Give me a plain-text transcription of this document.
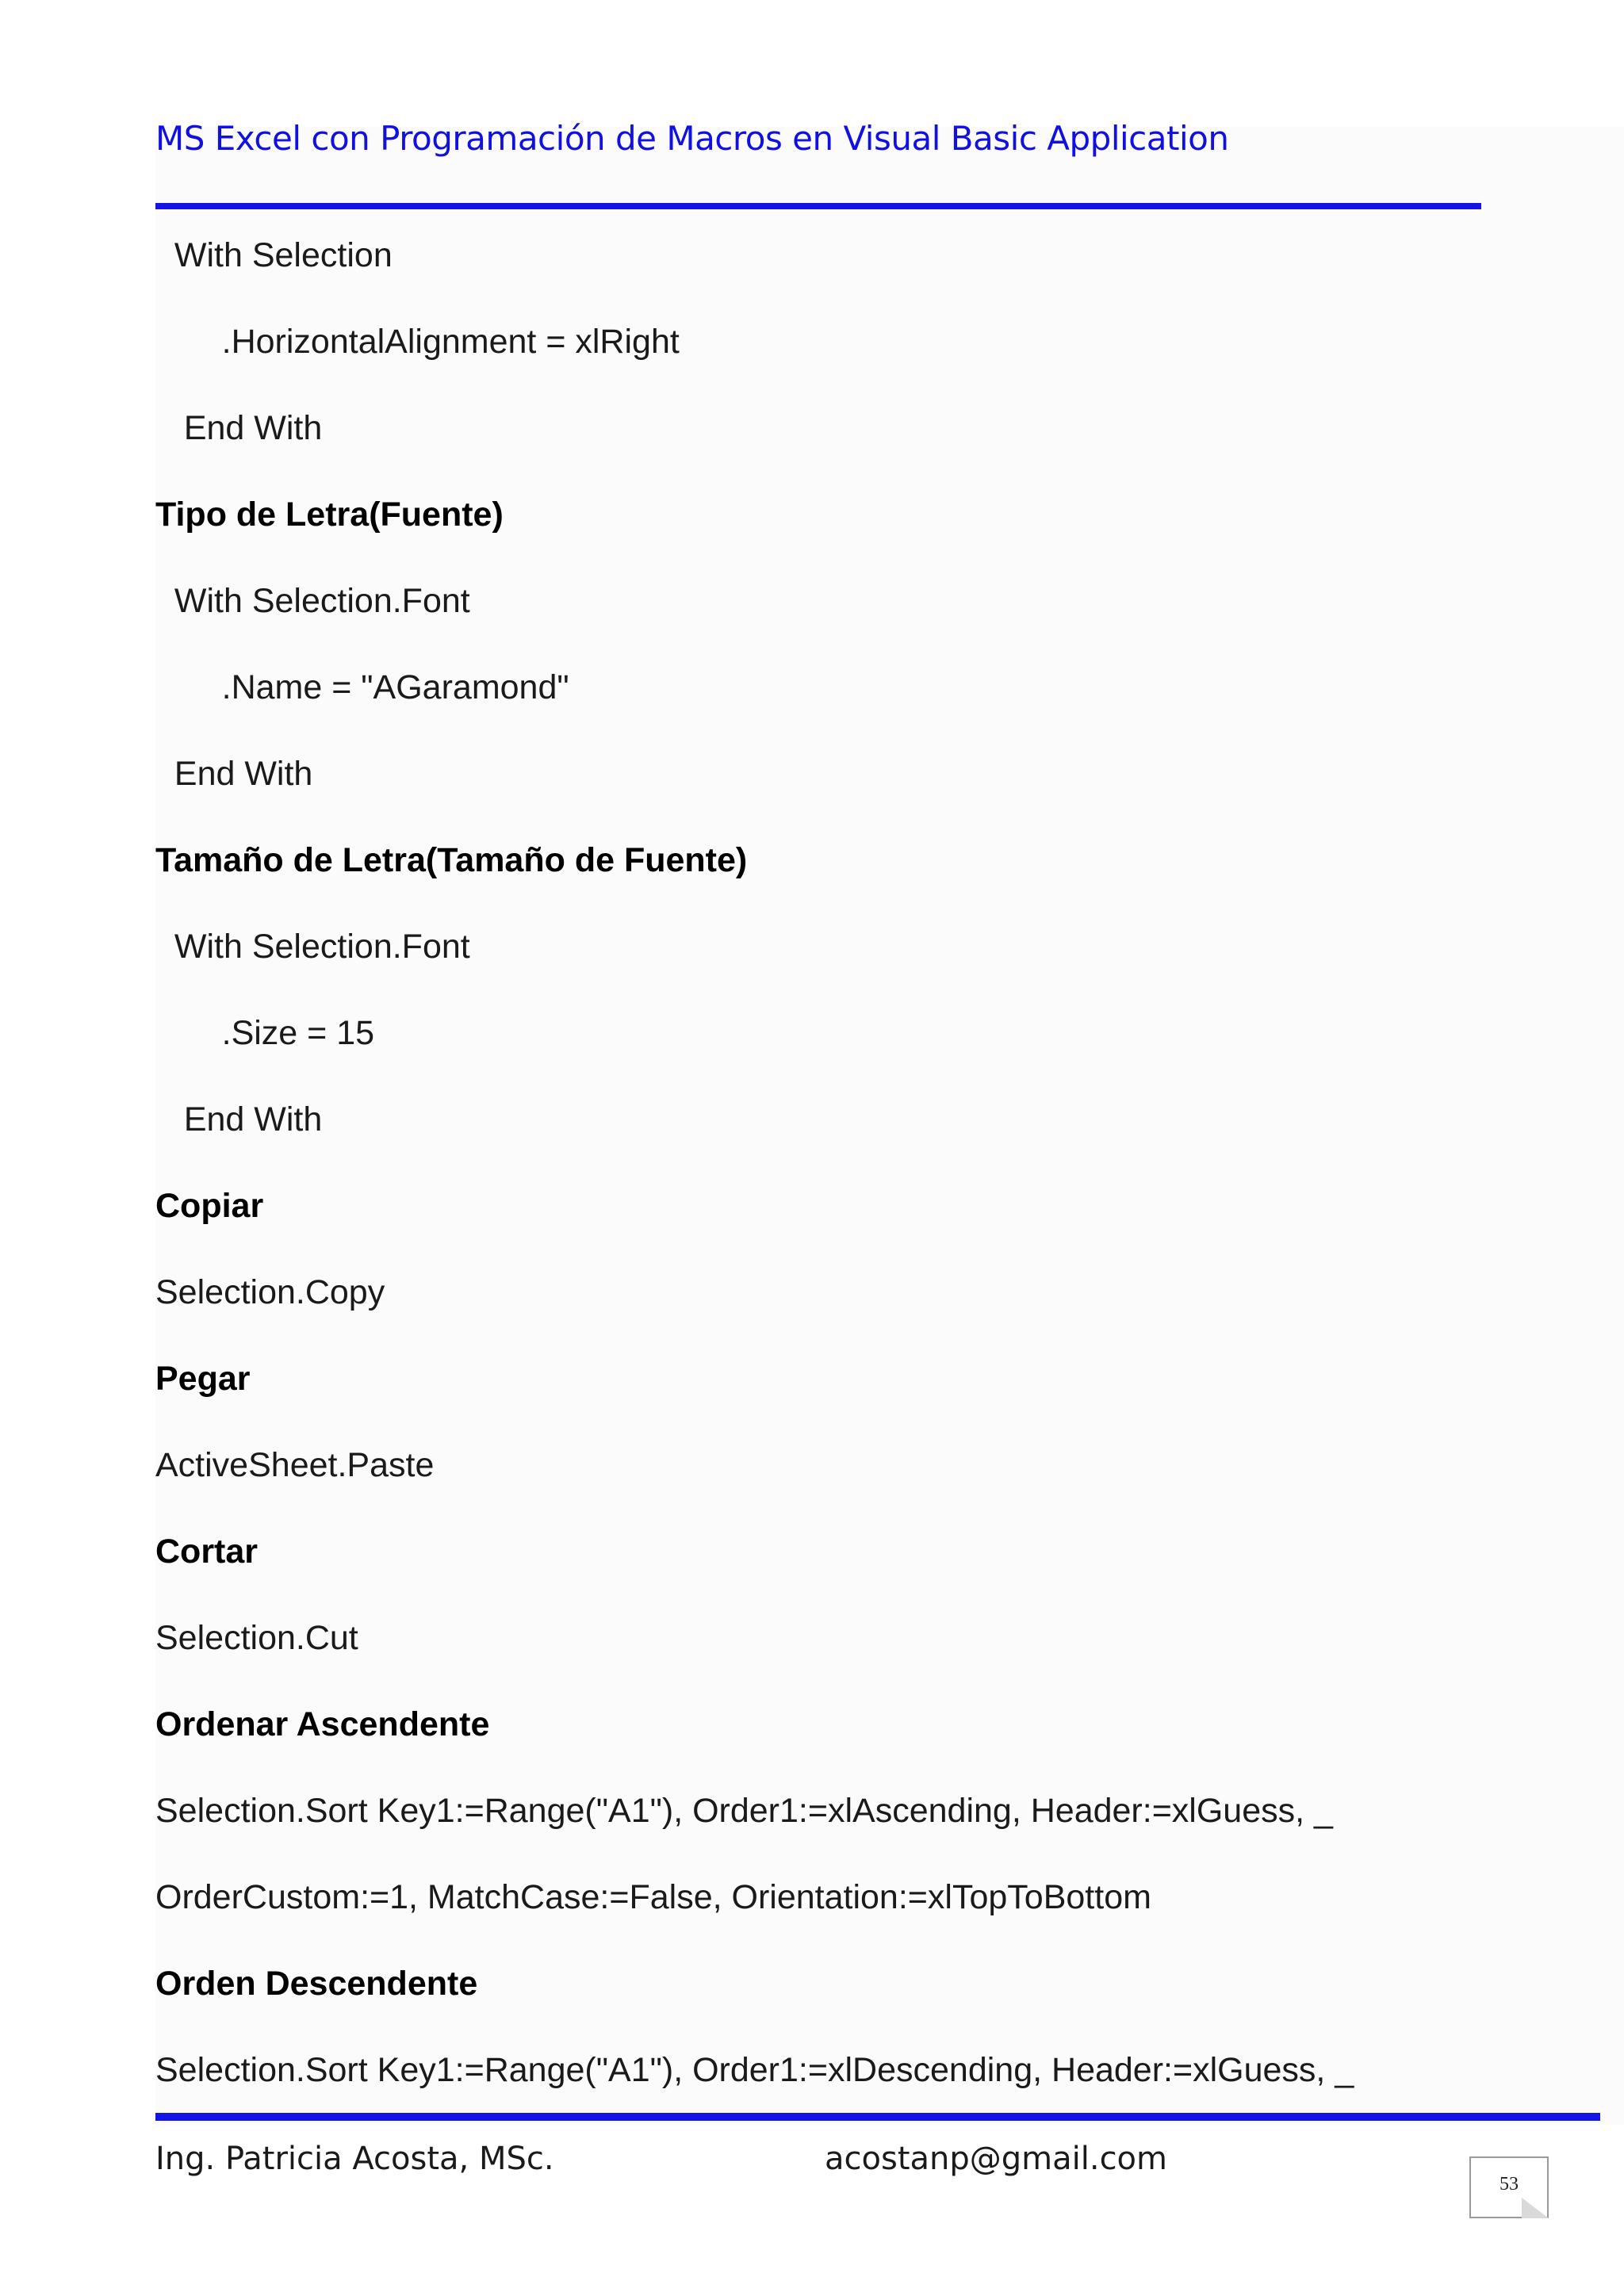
MS Excel con Programación de Macros en Visual Basic Application
With Selection
.HorizontalAlignment = xlRight
End With
Tipo de Letra(Fuente)
With Selection.Font
.Name = "AGaramond"
End With
Tamaño de Letra(Tamaño de Fuente)
With Selection.Font
.Size = 15
End With
Copiar
Selection.Copy
Pegar
ActiveSheet.Paste
Cortar
Selection.Cut
Ordenar Ascendente
Selection.Sort Key1:=Range("A1"), Order1:=xlAscending, Header:=xlGuess, _
OrderCustom:=1, MatchCase:=False, Orientation:=xlTopToBottom
Orden Descendente
Selection.Sort Key1:=Range("A1"), Order1:=xlDescending, Header:=xlGuess, _
Ing. Patricia Acosta, MSc.	acostanp@gmail.com
53
